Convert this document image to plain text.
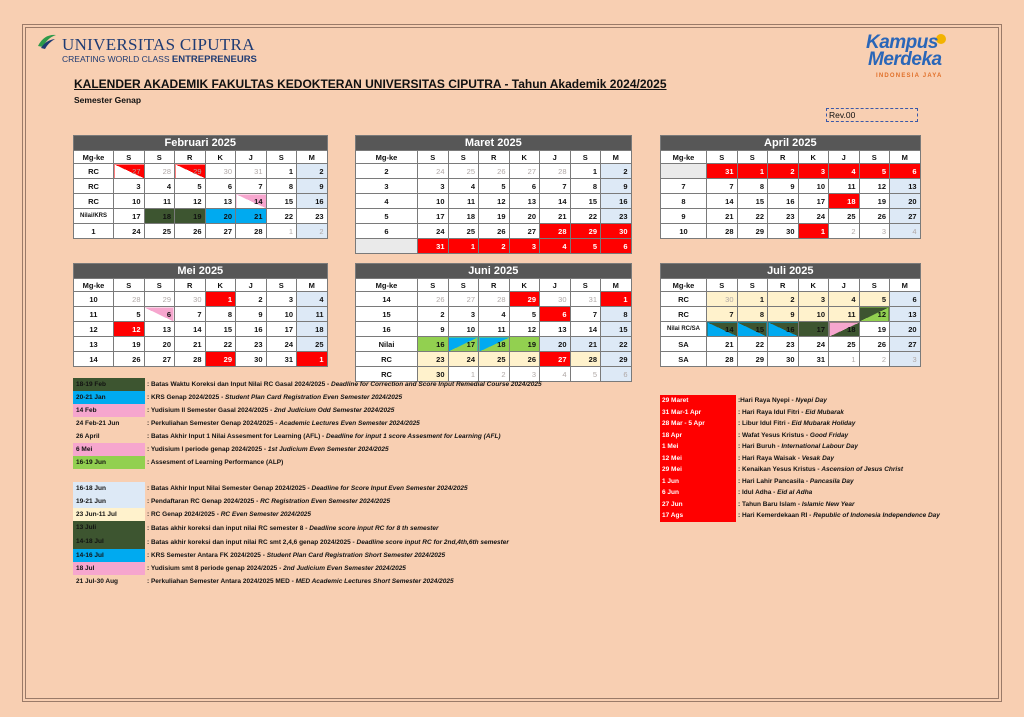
UNIVERSITAS CIPUTRA
CREATING WORLD CLASS ENTREPRENEURS
Kampus
Merdeka
INDONESIA JAYA
KALENDER AKADEMIK FAKULTAS KEDOKTERAN UNIVERSITAS CIPUTRA - Tahun Akademik 2024/2025
Semester Genap
Rev.00
Februari 2025							
Mg-ke	S	S	R	K	J	S	M
RC	27	28	29	30	31	1	2
RC	3	4	5	6	7	8	9
RC	10	11	12	13	14	15	16
Nilai/KRS	17	18	19	20	21	22	23
1	24	25	26	27	28	1	2
Maret 2025							
Mg-ke	S	S	R	K	J	S	M
2	24	25	26	27	28	1	2
3	3	4	5	6	7	8	9
4	10	11	12	13	14	15	16
5	17	18	19	20	21	22	23
6	24	25	26	27	28	29	30
	31	1	2	3	4	5	6
April 2025							
Mg-ke	S	S	R	K	J	S	M
	31	1	2	3	4	5	6
7	7	8	9	10	11	12	13
8	14	15	16	17	18	19	20
9	21	22	23	24	25	26	27
10	28	29	30	1	2	3	4
Mei 2025							
Mg-ke	S	S	R	K	J	S	M
10	28	29	30	1	2	3	4
11	5	6	7	8	9	10	11
12	12	13	14	15	16	17	18
13	19	20	21	22	23	24	25
14	26	27	28	29	30	31	1
Juni 2025							
Mg-ke	S	S	R	K	J	S	M
14	26	27	28	29	30	31	1
15	2	3	4	5	6	7	8
16	9	10	11	12	13	14	15
Nilai	16	17	18	19	20	21	22
RC	23	24	25	26	27	28	29
RC	30	1	2	3	4	5	6
Juli 2025							
Mg-ke	S	S	R	K	J	S	M
RC	30	1	2	3	4	5	6
RC	7	8	9	10	11	12	13
Nilai RC/SA	14	15	16	17	18	19	20
SA	21	22	23	24	25	26	27
SA	28	29	30	31	1	2	3
18-19 Feb	: Batas Waktu Koreksi dan Input Nilai RC Gasal 2024/2025 - Deadline for Correction and Score Input Remedial Course 2024/2025
20-21 Jan	: KRS Genap 2024/2025 - Student Plan Card Registration Even Semester 2024/2025
14 Feb	: Yudisium II Semester Gasal 2024/2025 - 2nd Judicium Odd Semester 2024/2025
24 Feb-21 Jun	: Perkuliahan Semester Genap 2024/2025 - Academic Lectures Even Semester 2024/2025
26 April	: Batas Akhir Input 1 Nilai Assesment for Learning (AFL) - Deadline for input 1 score Assesment for Learning (AFL)
6 Mei	: Yudisium I periode genap 2024/2025 - 1st Judicium Even Semester 2024/2025
16-19 Jun	: Assesment of Learning Performance (ALP)
16-18 Jun	: Batas Akhir Input Nilai Semester Genap 2024/2025 - Deadline for Score Input Even Semester 2024/2025
19-21 Jun	: Pendaftaran RC Genap 2024/2025 - RC Registration Even Semester 2024/2025
23 Jun-11 Jul	: RC Genap 2024/2025 - RC Even Semester 2024/2025
13 Juli	: Batas akhir koreksi dan input nilai RC semester 8 - Deadline score input RC for 8 th semester
14-18 Jul	: Batas akhir koreksi dan input nilai RC smt 2,4,6 genap 2024/2025 - Deadline score input RC for 2nd,4th,6th semester
14-16 Jul	: KRS Semester Antara FK 2024/2025 - Student Plan Card Registration Short Semester 2024/2025
18 Jul	: Yudisium smt 8 periode genap 2024/2025 - 2nd Judicium Even Semester 2024/2025
21 Jul-30 Aug	: Perkuliahan Semester Antara 2024/2025 MED - MED Academic Lectures Short Semester 2024/2025
29 Maret	:Hari Raya Nyepi - Nyepi Day
31 Mar-1 Apr	: Hari Raya Idul Fitri - Eid Mubarak
28 Mar - 5 Apr	: Libur Idul Fitri - Eid Mubarak Holiday
18 Apr	: Wafat Yesus Kristus - Good Friday
1 Mei	: Hari Buruh - International Labour Day
12 Mei	: Hari Raya Waisak - Vesak Day
29 Mei	: Kenaikan Yesus Kristus - Ascension of Jesus Christ
1 Jun	: Hari Lahir Pancasila - Pancasila Day
6 Jun	: Idul Adha - Eid al Adha
27 Jun	: Tahun Baru Islam - Islamic New Year
17 Ags	: Hari Kemerdekaan RI - Republic of Indonesia Independence Day
